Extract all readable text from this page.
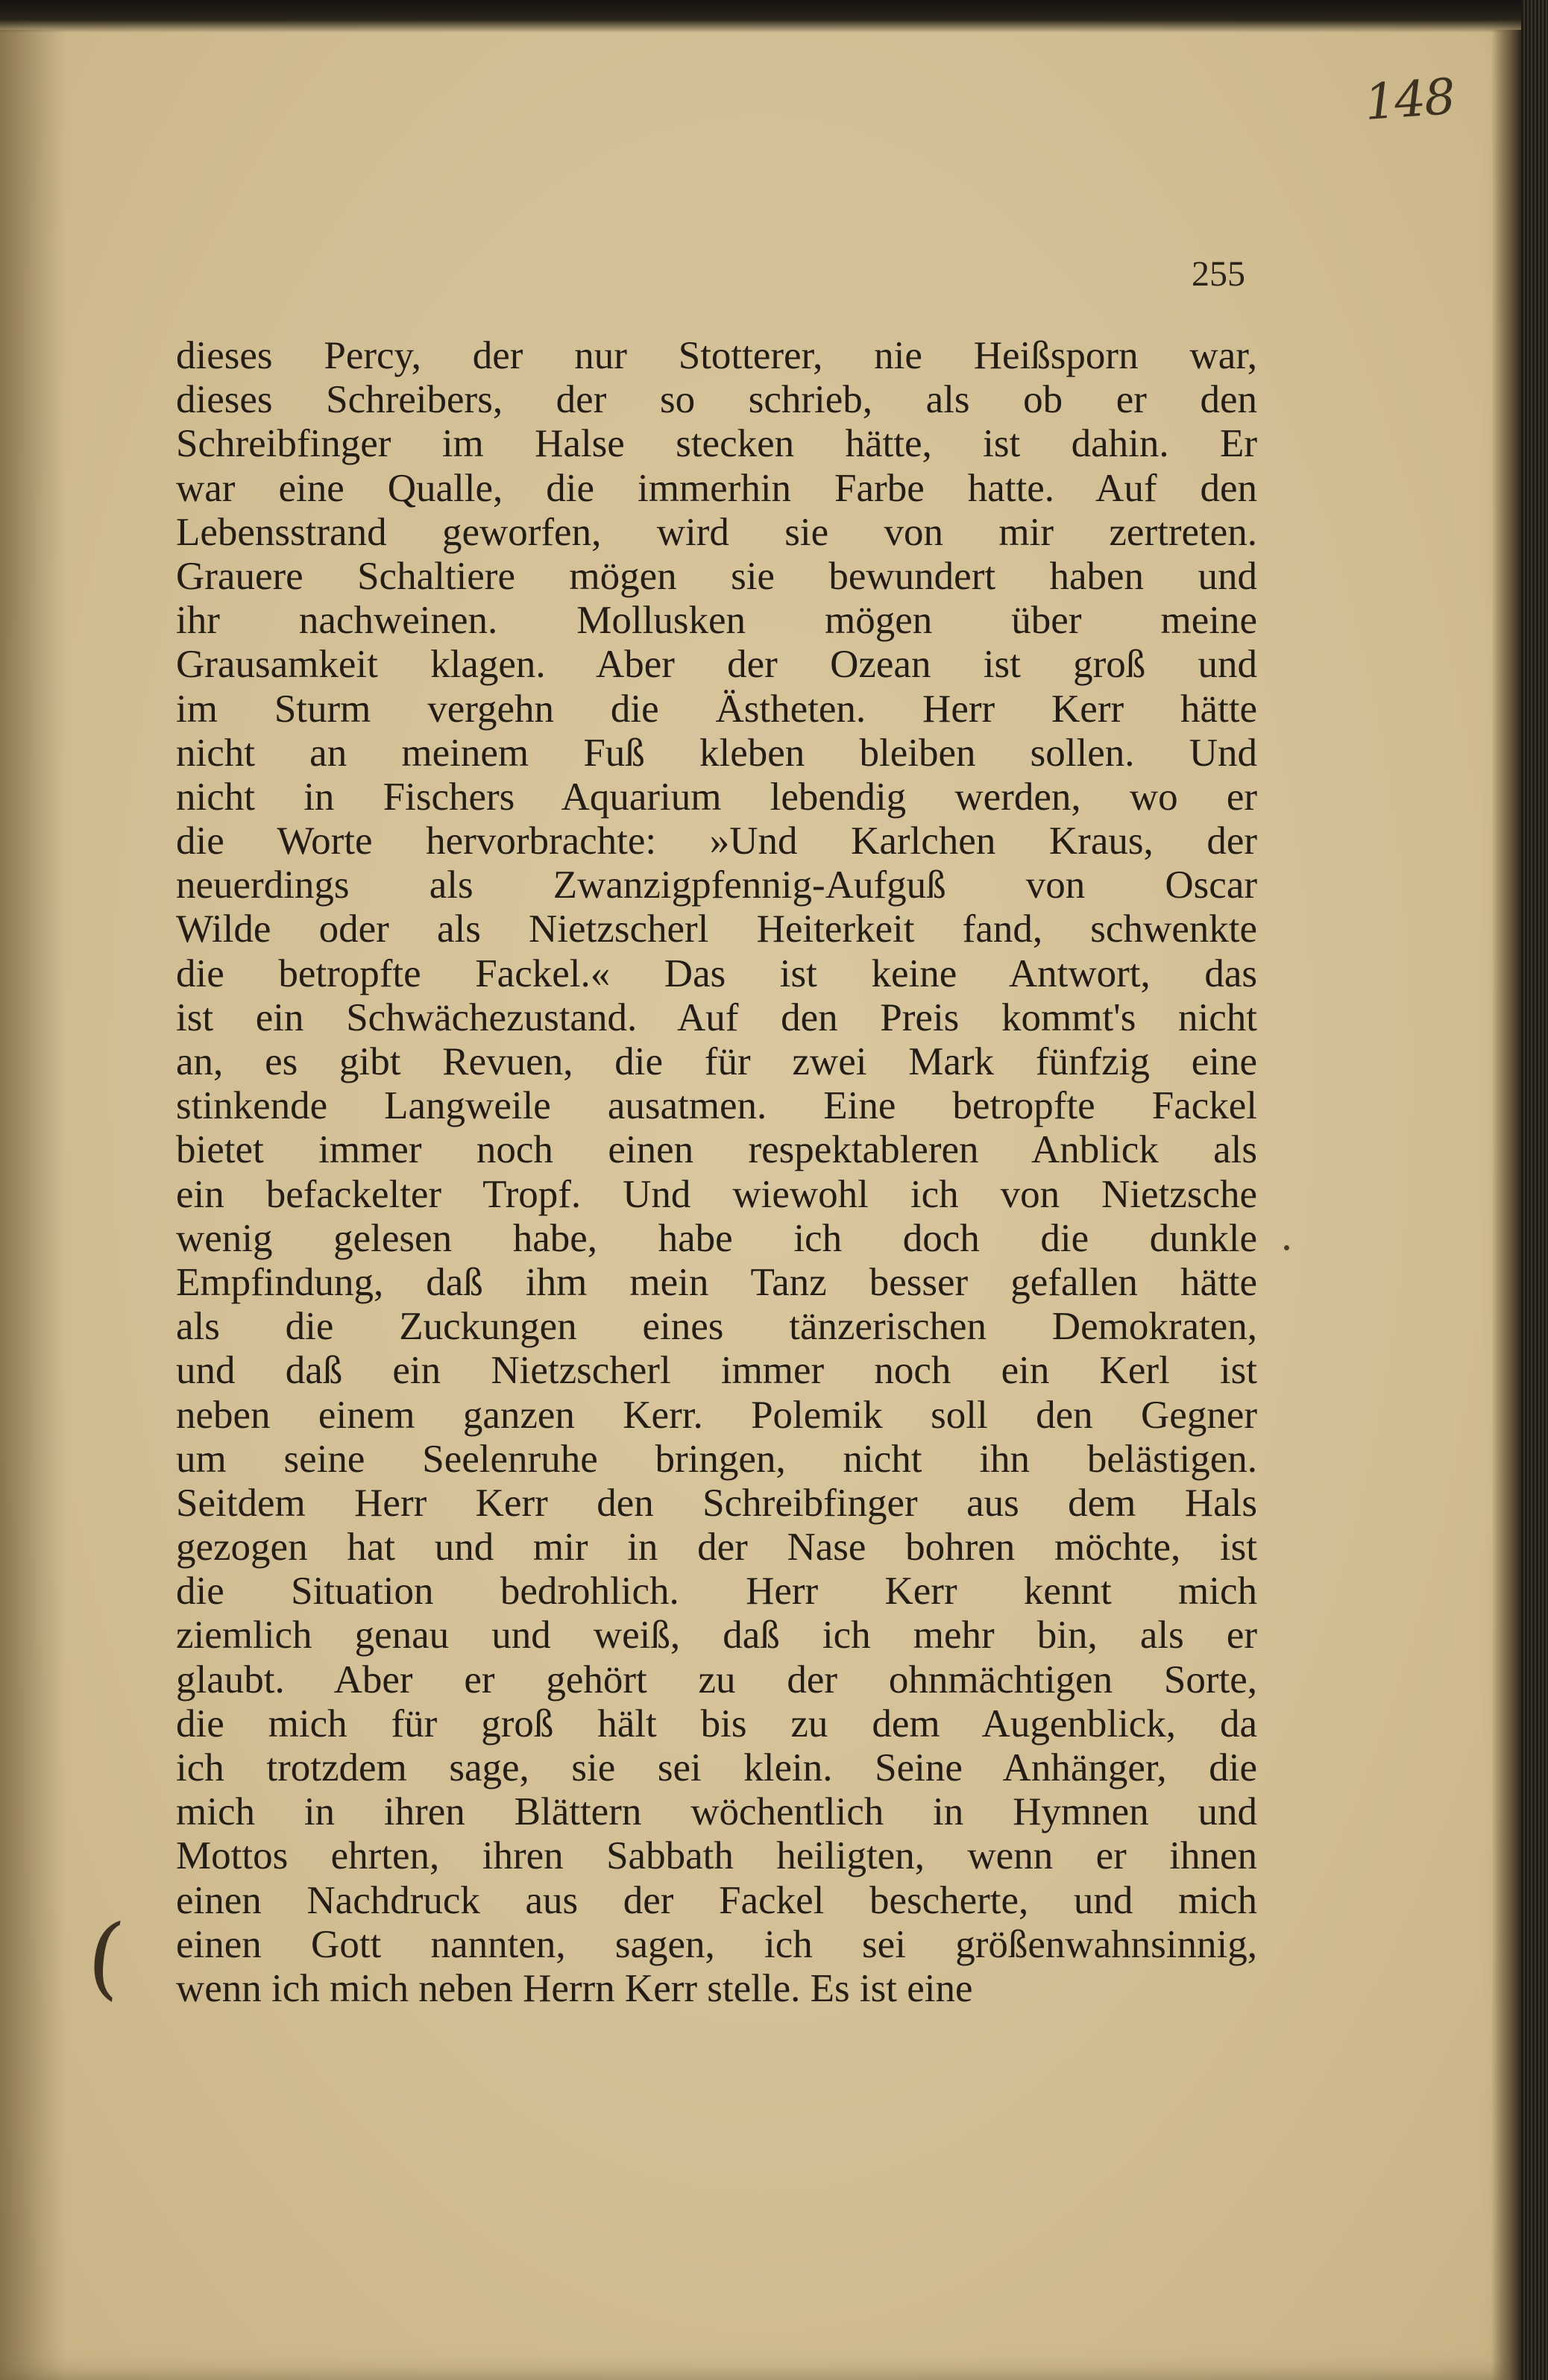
148
255
dieses Percy, der nur Stotterer, nie Heißsporn war,
dieses Schreibers, der so schrieb, als ob er den
Schreibfinger im Halse stecken hätte, ist dahin. Er
war eine Qualle, die immerhin Farbe hatte. Auf den
Lebensstrand geworfen, wird sie von mir zertreten.
Grauere Schaltiere mögen sie bewundert haben und
ihr nachweinen. Mollusken mögen über meine
Grausamkeit klagen. Aber der Ozean ist groß und
im Sturm vergehn die Ästheten. Herr Kerr hätte
nicht an meinem Fuß kleben bleiben sollen. Und
nicht in Fischers Aquarium lebendig werden, wo er
die Worte hervorbrachte: »Und Karlchen Kraus, der
neuerdings als Zwanzigpfennig-Aufguß von Oscar
Wilde oder als Nietzscherl Heiterkeit fand, schwenkte
die betropfte Fackel.« Das ist keine Antwort, das
ist ein Schwächezustand. Auf den Preis kommt's nicht
an, es gibt Revuen, die für zwei Mark fünfzig eine
stinkende Langweile ausatmen. Eine betropfte Fackel
bietet immer noch einen respektableren Anblick als
ein befackelter Tropf. Und wiewohl ich von Nietzsche
wenig gelesen habe, habe ich doch die dunkle
Empfindung, daß ihm mein Tanz besser gefallen hätte
als die Zuckungen eines tänzerischen Demokraten,
und daß ein Nietzscherl immer noch ein Kerl ist
neben einem ganzen Kerr. Polemik soll den Gegner
um seine Seelenruhe bringen, nicht ihn belästigen.
Seitdem Herr Kerr den Schreibfinger aus dem Hals
gezogen hat und mir in der Nase bohren möchte, ist
die Situation bedrohlich. Herr Kerr kennt mich
ziemlich genau und weiß, daß ich mehr bin, als er
glaubt. Aber er gehört zu der ohnmächtigen Sorte,
die mich für groß hält bis zu dem Augenblick, da
ich trotzdem sage, sie sei klein. Seine Anhänger, die
mich in ihren Blättern wöchentlich in Hymnen und
Mottos ehrten, ihren Sabbath heiligten, wenn er ihnen
einen Nachdruck aus der Fackel bescherte, und mich
einen Gott nannten, sagen, ich sei größenwahnsinnig,
wenn ich mich neben Herrn Kerr stelle. Es ist eine
(
